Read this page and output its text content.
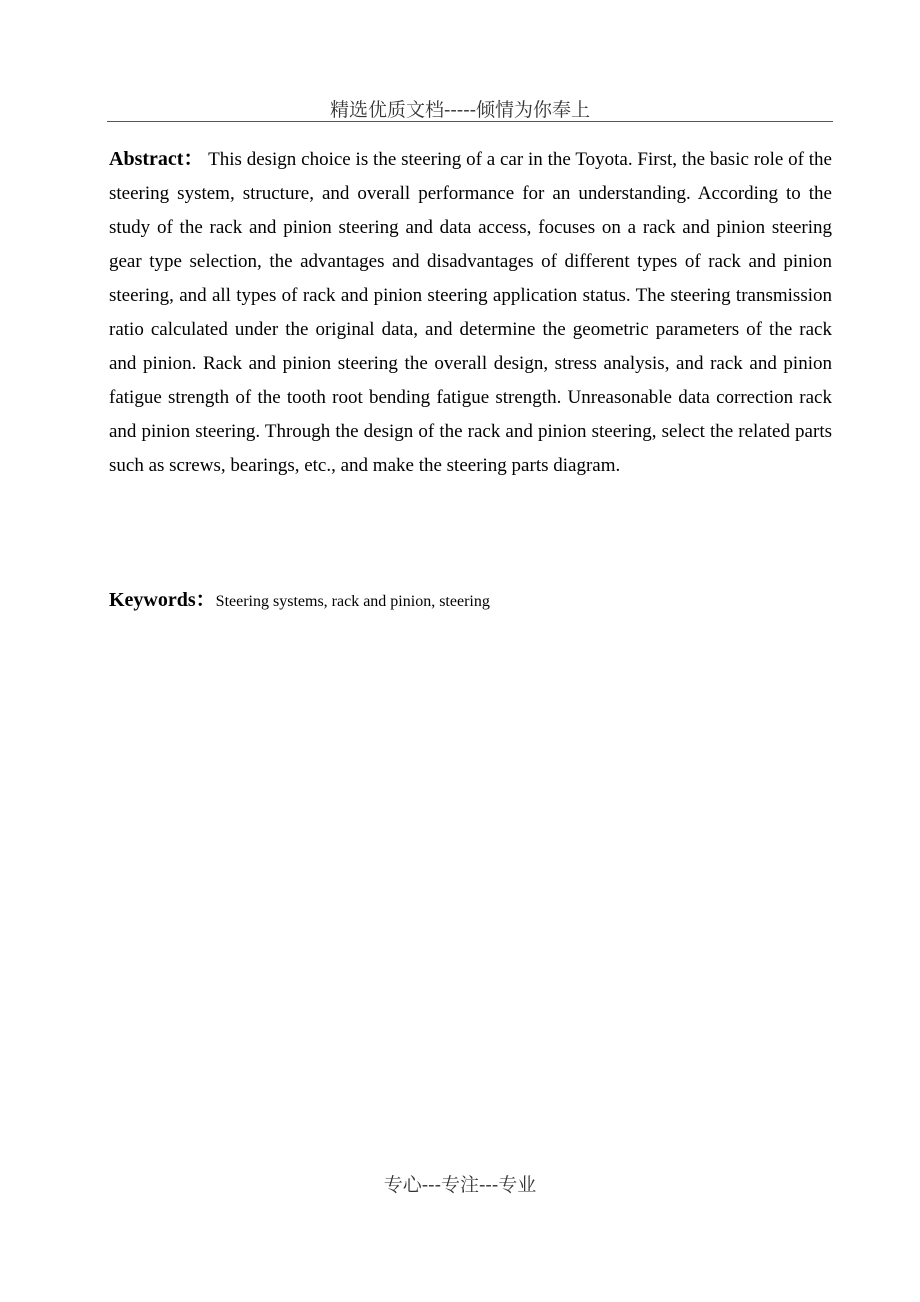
精选优质文档-----倾情为你奉上

Abstract： This design choice is the steering of a car in the Toyota. First, the basic role of the steering system, structure, and overall performance for an understanding. According to the study of the rack and pinion steering and data access, focuses on a rack and pinion steering gear type selection, the advantages and disadvantages of different types of rack and pinion steering, and all types of rack and pinion steering application status. The steering transmission ratio calculated under the original data, and determine the geometric parameters of the rack and pinion. Rack and pinion steering the overall design, stress analysis, and rack and pinion fatigue strength of the tooth root bending fatigue strength. Unreasonable data correction rack and pinion steering. Through the design of the rack and pinion steering, select the related parts such as screws, bearings, etc., and make the steering parts diagram.

Keywords：Steering systems, rack and pinion, steering

专心---专注---专业
